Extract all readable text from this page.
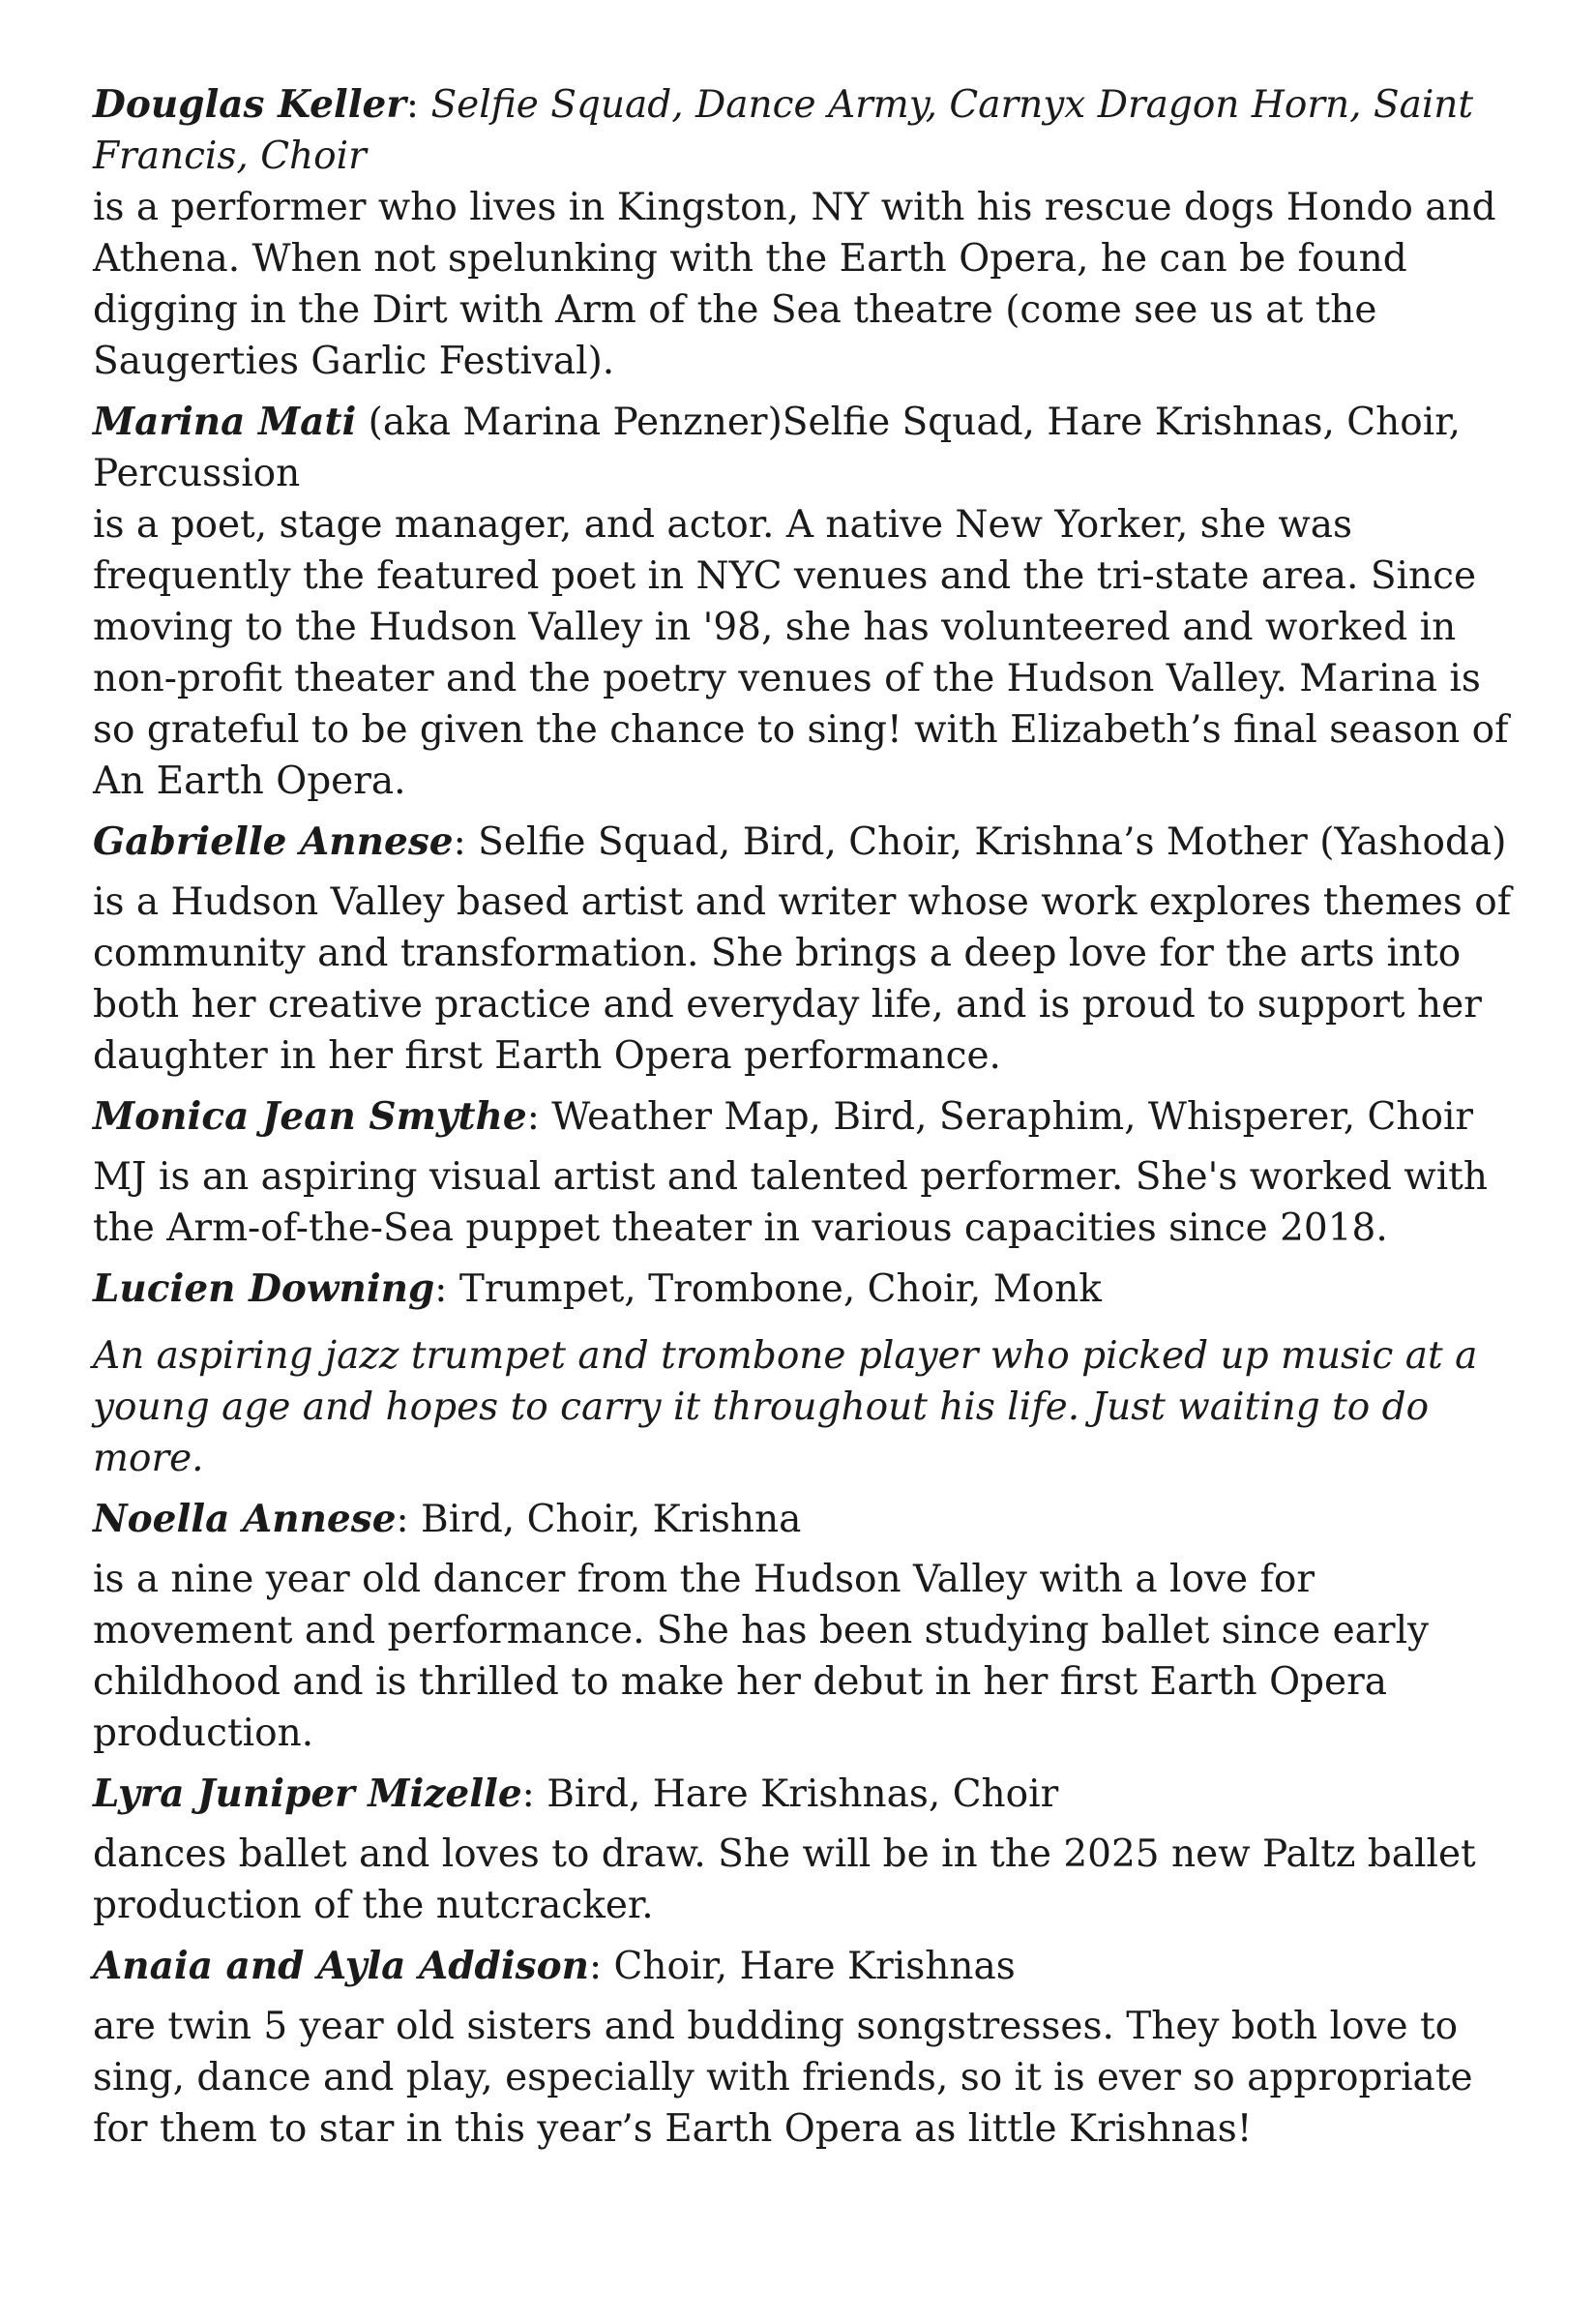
Douglas Keller: Selfie Squad, Dance Army, Carnyx Dragon Horn, Saint Francis, Choir

is a performer who lives in Kingston, NY with his rescue dogs Hondo and Athena. When not spelunking with the Earth Opera, he can be found digging in the Dirt with Arm of the Sea theatre (come see us at the Saugerties Garlic Festival).

Marina Mati (aka Marina Penzner)Selfie Squad, Hare Krishnas, Choir, Percussion

is a poet, stage manager, and actor. A native New Yorker, she was frequently the featured poet in NYC venues and the tri-state area. Since moving to the Hudson Valley in '98, she has volunteered and worked in non-profit theater and the poetry venues of the Hudson Valley. Marina is so grateful to be given the chance to sing! with Elizabeth’s final season of An Earth Opera.

Gabrielle Annese: Selfie Squad, Bird, Choir, Krishna’s Mother (Yashoda)

is a Hudson Valley based artist and writer whose work explores themes of community and transformation. She brings a deep love for the arts into both her creative practice and everyday life, and is proud to support her daughter in her first Earth Opera performance.

Monica Jean Smythe: Weather Map, Bird, Seraphim, Whisperer, Choir

MJ is an aspiring visual artist and talented performer. She's worked with the Arm-of-the-Sea puppet theater in various capacities since 2018.

Lucien Downing: Trumpet, Trombone, Choir, Monk

An aspiring jazz trumpet and trombone player who picked up music at a young age and hopes to carry it throughout his life. Just waiting to do more.

Noella Annese: Bird, Choir, Krishna

is a nine year old dancer from the Hudson Valley with a love for movement and performance. She has been studying ballet since early childhood and is thrilled to make her debut in her first Earth Opera production.

Lyra Juniper Mizelle: Bird, Hare Krishnas, Choir

dances ballet and loves to draw. She will be in the 2025 new Paltz ballet production of the nutcracker.

Anaia and Ayla Addison: Choir, Hare Krishnas

are twin 5 year old sisters and budding songstresses. They both love to sing, dance and play, especially with friends, so it is ever so appropriate for them to star in this year’s Earth Opera as little Krishnas!
